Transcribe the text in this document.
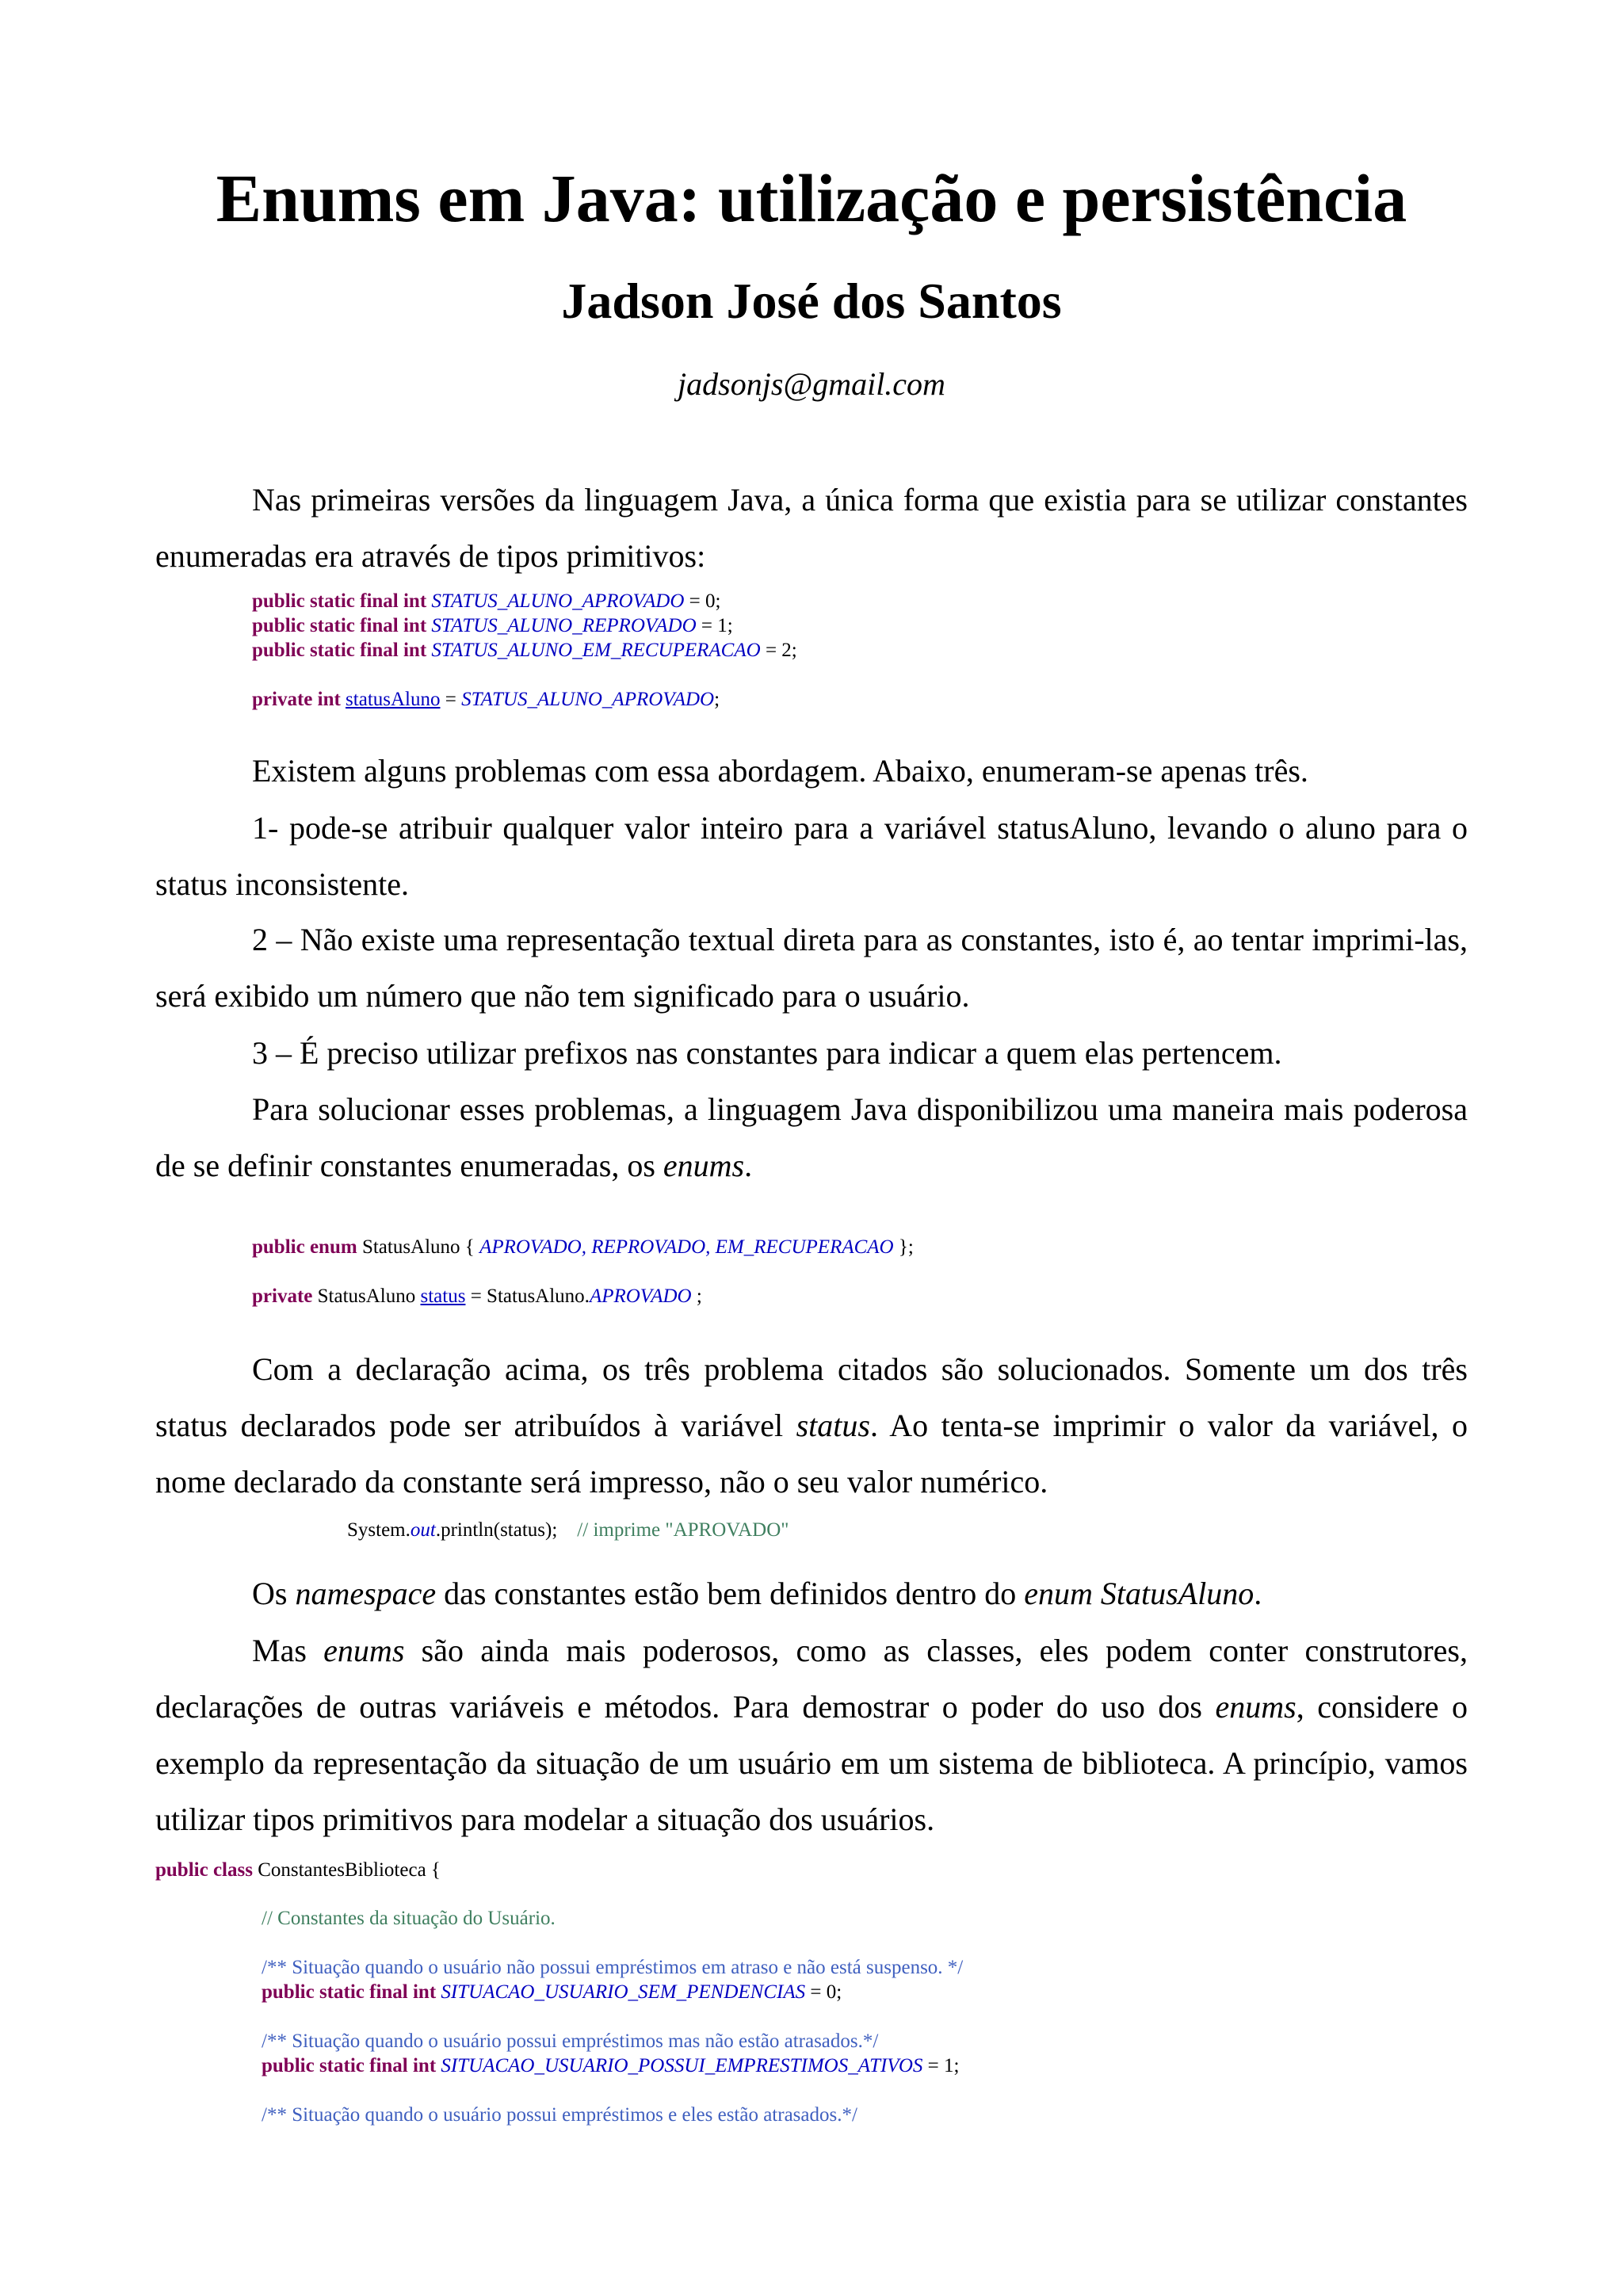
Enums em Java: utilização e persistência
Jadson José dos Santos

jadsonjs@gmail.com

Nas primeiras versões da linguagem Java, a única forma que existia para se utilizar constantes enumeradas era através de tipos primitivos:

public static final int STATUS_ALUNO_APROVADO = 0;
public static final int STATUS_ALUNO_REPROVADO = 1;
public static final int STATUS_ALUNO_EM_RECUPERACAO = 2;
private int statusAluno = STATUS_ALUNO_APROVADO;

Existem alguns problemas com essa abordagem. Abaixo, enumeram-se apenas três.

1- pode-se atribuir qualquer valor inteiro para a variável statusAluno, levando o aluno para o status inconsistente.

2 – Não existe uma representação textual direta para as constantes, isto é, ao tentar imprimi-las, será exibido um número que não tem significado para o usuário.

3 – É preciso utilizar prefixos nas constantes para indicar a quem elas pertencem.

Para solucionar esses problemas, a linguagem Java disponibilizou uma maneira mais poderosa de se definir constantes enumeradas, os enums.

public enum StatusAluno { APROVADO, REPROVADO, EM_RECUPERACAO };
private StatusAluno status = StatusAluno.APROVADO ;

Com a declaração acima, os três problema citados são solucionados. Somente um dos três status declarados pode ser atribuídos à variável status. Ao tenta-se imprimir o valor da variável, o nome declarado da constante será impresso, não o seu valor numérico.

System.out.println(status);    // imprime "APROVADO"

Os namespace das constantes estão bem definidos dentro do enum StatusAluno.

Mas enums são ainda mais poderosos, como as classes, eles podem conter construtores, declarações de outras variáveis e métodos. Para demostrar o poder do uso dos enums, considere o exemplo da representação da situação de um usuário em um sistema de biblioteca. A princípio, vamos utilizar tipos primitivos para modelar a situação dos usuários.

public class ConstantesBiblioteca {
// Constantes da situação do Usuário.
/** Situação quando o usuário não possui empréstimos em atraso e não está suspenso. */
public static final int SITUACAO_USUARIO_SEM_PENDENCIAS = 0;
/** Situação quando o usuário possui empréstimos mas não estão atrasados.*/
public static final int SITUACAO_USUARIO_POSSUI_EMPRESTIMOS_ATIVOS = 1;
/** Situação quando o usuário possui empréstimos e eles estão atrasados.*/
